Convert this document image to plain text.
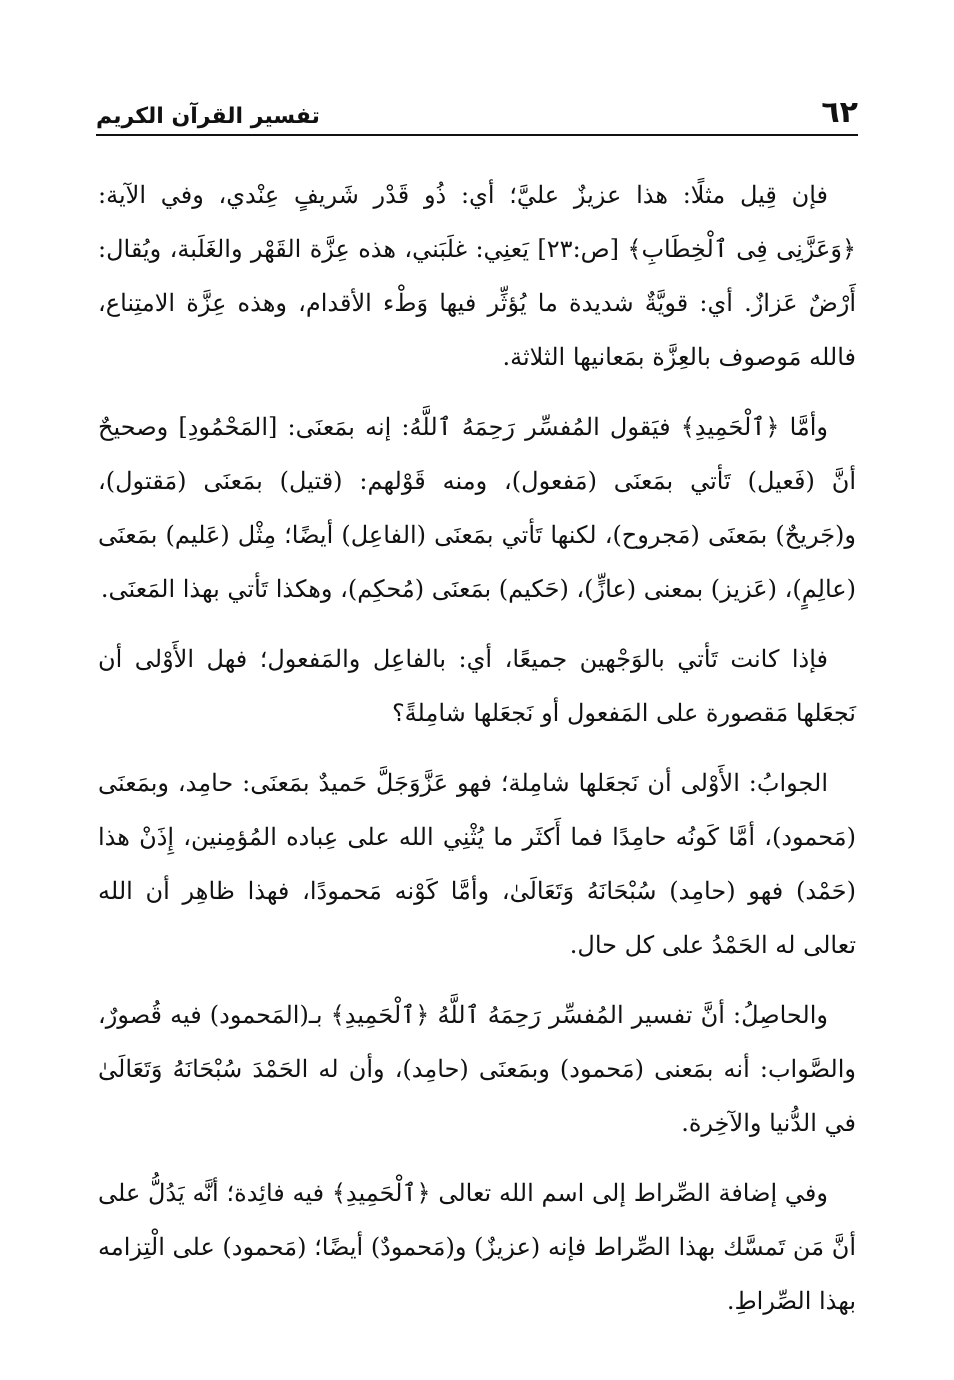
٦٢
تفسير القرآن الكريم

فإن قِيل مثلًا: هذا عزيزٌ عليَّ؛ أي: ذُو قَدْر شَريفٍ عِنْدي، وفي الآية: ﴿وَعَزَّنِى فِى ٱلْخِطَابِ﴾ [ص:٢٣] يَعنِي: غلَبَني، هذه عِزَّة القَهْر والغَلَبة، ويُقال: أَرْضٌ عَزازٌ. أي: قويَّةٌ شديدة ما يُؤثِّر فيها وَطْء الأقدام، وهذه عِزَّة الامتِناع، فالله مَوصوف بالعِزَّة بمَعانيها الثلاثة.

وأمَّا ﴿ٱلْحَمِيدِ﴾ فيَقول المُفسِّر رَحِمَهُ ٱللَّهُ: إنه بمَعنَى: [المَحْمُودِ] وصحيحٌ أنَّ (فَعيل) تَأتي بمَعنَى (مَفعول)، ومنه قَوْلهم: (قتيل) بمَعنَى (مَقتول)، و(جَريحٌ) بمَعنَى (مَجروح)، لكنها تَأتي بمَعنَى (الفاعِل) أيضًا؛ مِثْل (عَليم) بمَعنَى (عالِمٍ)، (عَزيز) بمعنى (عازٍّ)، (حَكيم) بمَعنَى (مُحكِم)، وهكذا تَأتي بهذا المَعنَى.

فإذا كانت تَأتي بالوَجْهين جميعًا، أي: بالفاعِل والمَفعول؛ فهل الأَوْلى أن نَجعَلها مَقصورة على المَفعول أو نَجعَلها شامِلةً؟

الجوابُ: الأَوْلى أن نَجعَلها شامِلة؛ فهو عَزَّوَجَلَّ حَميدٌ بمَعنَى: حامِد، وبمَعنَى (مَحمود)، أمَّا كَونُه حامِدًا فما أَكثَر ما يُثْنِي الله على عِباده المُؤمِنين، إِذَنْ هذا (حَمْد) فهو (حامِد) سُبْحَانَهُ وَتَعَالَىٰ، وأمَّا كَوْنه مَحمودًا، فهذا ظاهِر أن الله تعالى له الحَمْدُ على كل حال.

والحاصِلُ: أنَّ تفسير المُفسِّر رَحِمَهُ ٱللَّهُ ﴿ٱلْحَمِيدِ﴾ بـ(المَحمود) فيه قُصورٌ، والصَّواب: أنه بمَعنى (مَحمود) وبمَعنَى (حامِد)، وأن له الحَمْدَ سُبْحَانَهُ وَتَعَالَىٰ في الدُّنيا والآخِرة.

وفي إضافة الصِّراط إلى اسم الله تعالى ﴿ٱلْحَمِيدِ﴾ فيه فائِدة؛ أنَّه يَدُلُّ على أنَّ مَن تَمسَّك بهذا الصِّراط فإنه (عزيزٌ) و(مَحمودٌ) أيضًا؛ (مَحمود) على الْتِزامه بهذا الصِّراطِ.
